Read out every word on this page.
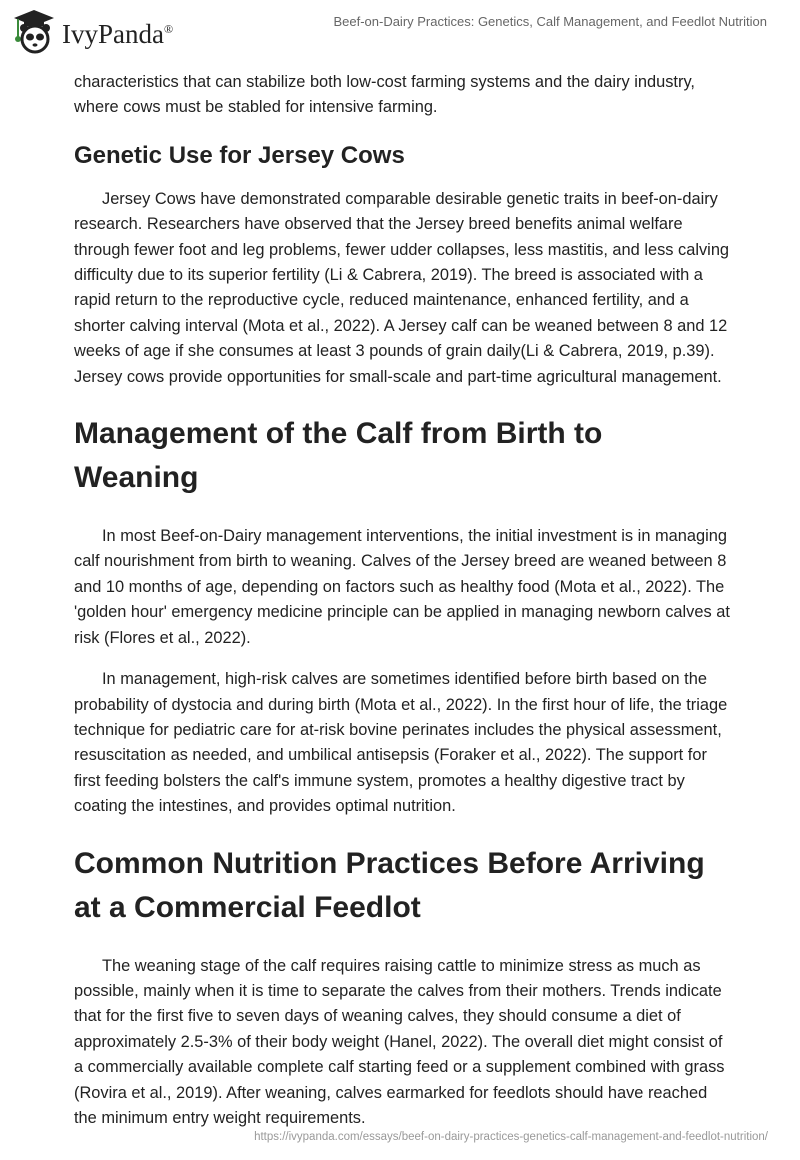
IvyPanda®	Beef-on-Dairy Practices: Genetics, Calf Management, and Feedlot Nutrition

characteristics that can stabilize both low-cost farming systems and the dairy industry, where cows must be stabled for intensive farming.

Genetic Use for Jersey Cows

Jersey Cows have demonstrated comparable desirable genetic traits in beef-on-dairy research. Researchers have observed that the Jersey breed benefits animal welfare through fewer foot and leg problems, fewer udder collapses, less mastitis, and less calving difficulty due to its superior fertility (Li & Cabrera, 2019). The breed is associated with a rapid return to the reproductive cycle, reduced maintenance, enhanced fertility, and a shorter calving interval (Mota et al., 2022). A Jersey calf can be weaned between 8 and 12 weeks of age if she consumes at least 3 pounds of grain daily(Li & Cabrera, 2019, p.39). Jersey cows provide opportunities for small-scale and part-time agricultural management.

Management of the Calf from Birth to Weaning

In most Beef-on-Dairy management interventions, the initial investment is in managing calf nourishment from birth to weaning. Calves of the Jersey breed are weaned between 8 and 10 months of age, depending on factors such as healthy food (Mota et al., 2022). The 'golden hour' emergency medicine principle can be applied in managing newborn calves at risk (Flores et al., 2022).

In management, high-risk calves are sometimes identified before birth based on the probability of dystocia and during birth (Mota et al., 2022). In the first hour of life, the triage technique for pediatric care for at-risk bovine perinates includes the physical assessment, resuscitation as needed, and umbilical antisepsis (Foraker et al., 2022). The support for first feeding bolsters the calf's immune system, promotes a healthy digestive tract by coating the intestines, and provides optimal nutrition.

Common Nutrition Practices Before Arriving at a Commercial Feedlot

The weaning stage of the calf requires raising cattle to minimize stress as much as possible, mainly when it is time to separate the calves from their mothers. Trends indicate that for the first five to seven days of weaning calves, they should consume a diet of approximately 2.5-3% of their body weight (Hanel, 2022). The overall diet might consist of a commercially available complete calf starting feed or a supplement combined with grass (Rovira et al., 2019). After weaning, calves earmarked for feedlots should have reached the minimum entry weight requirements.

https://ivypanda.com/essays/beef-on-dairy-practices-genetics-calf-management-and-feedlot-nutrition/
